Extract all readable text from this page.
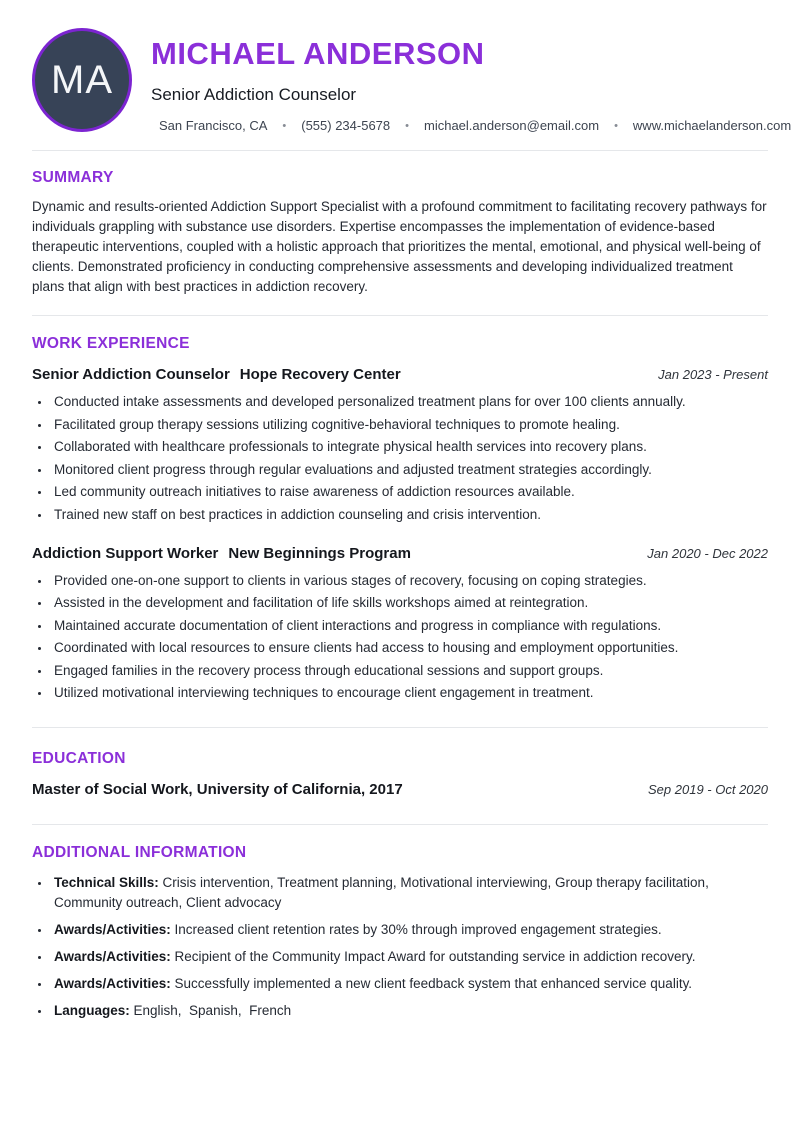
MA
MICHAEL ANDERSON
Senior Addiction Counselor
San Francisco, CA • (555) 234-5678 • michael.anderson@email.com • www.michaelanderson.com
SUMMARY

Dynamic and results-oriented Addiction Support Specialist with a profound commitment to facilitating recovery pathways for individuals grappling with substance use disorders. Expertise encompasses the implementation of evidence-based therapeutic interventions, coupled with a holistic approach that prioritizes the mental, emotional, and physical well-being of clients. Demonstrated proficiency in conducting comprehensive assessments and developing individualized treatment plans that align with best practices in addiction recovery.

WORK EXPERIENCE
Senior Addiction Counselor Hope Recovery Center	Jan 2023 - Present
• Conducted intake assessments and developed personalized treatment plans for over 100 clients annually.
• Facilitated group therapy sessions utilizing cognitive-behavioral techniques to promote healing.
• Collaborated with healthcare professionals to integrate physical health services into recovery plans.
• Monitored client progress through regular evaluations and adjusted treatment strategies accordingly.
• Led community outreach initiatives to raise awareness of addiction resources available.
• Trained new staff on best practices in addiction counseling and crisis intervention.
Addiction Support Worker New Beginnings Program	Jan 2020 - Dec 2022
• Provided one-on-one support to clients in various stages of recovery, focusing on coping strategies.
• Assisted in the development and facilitation of life skills workshops aimed at reintegration.
• Maintained accurate documentation of client interactions and progress in compliance with regulations.
• Coordinated with local resources to ensure clients had access to housing and employment opportunities.
• Engaged families in the recovery process through educational sessions and support groups.
• Utilized motivational interviewing techniques to encourage client engagement in treatment.
EDUCATION
Master of Social Work, University of California, 2017	Sep 2019 - Oct 2020
ADDITIONAL INFORMATION
• Technical Skills: Crisis intervention, Treatment planning, Motivational interviewing, Group therapy facilitation, Community outreach, Client advocacy
• Awards/Activities: Increased client retention rates by 30% through improved engagement strategies.
• Awards/Activities: Recipient of the Community Impact Award for outstanding service in addiction recovery.
• Awards/Activities: Successfully implemented a new client feedback system that enhanced service quality.
• Languages: English,  Spanish,  French
